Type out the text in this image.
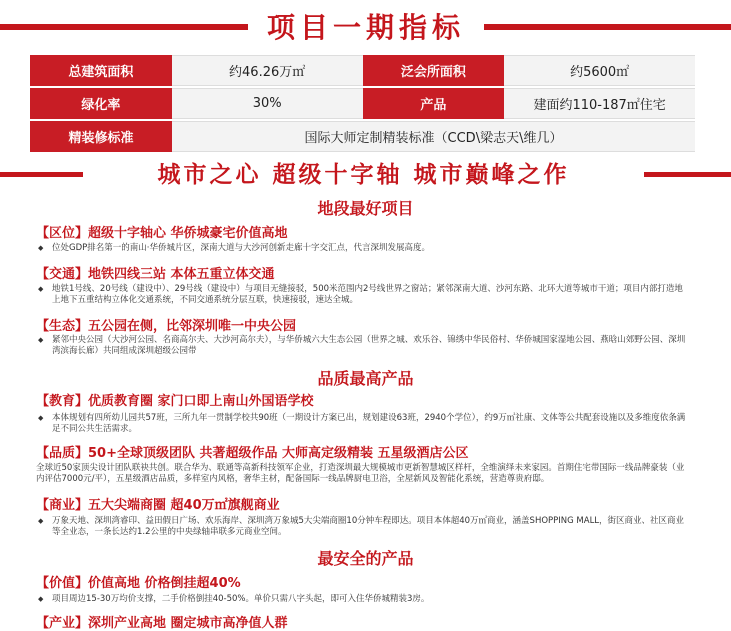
项目一期指标
总建筑面积	约46.26万㎡	泛会所面积	约5600㎡
绿化率	30%	产品	建面约110-187㎡住宅
精装修标准	国际大师定制精装标准（CCD\梁志天\维几）
城市之心 超级十字轴 城市巅峰之作
地段最好项目
【区位】超级十字轴心 华侨城豪宅价值高地
◆	位处GDP排名第一的南山·华侨城片区，深南大道与大沙河创新走廊十字交汇点，代言深圳发展高度。
【交通】地铁四线三站 本体五重立体交通
◆	地铁1号线、20号线（建设中）、29号线（建设中）与项目无缝接驳，500米范围内2号线世界之窗站；紧邻深南大道、沙河东路、北环大道等城市干道；项目内部打造地上地下五重结构立体化交通系统，不同交通系统分层互联，快速接驳，速达全城。
【生态】五公园在侧，比邻深圳唯一中央公园
◆	紧邻中央公园（大沙河公园、名商高尔夫、大沙河高尔夫），与华侨城六大生态公园（世界之城、欢乐谷、锦绣中华民俗村、华侨城国家湿地公园、燕晗山郊野公园、深圳湾滨海长廊）共同组成深圳超级公园带
品质最高产品
【教育】优质教育圈 家门口即上南山外国语学校
◆	本体规划有四所幼儿园共57班，三所九年一贯制学校共90班（一期设计方案已出，规划建设63班，2940个学位），约9万㎡社康、文体等公共配套设施以及多维度依条满足不同公共生活需求。
【品质】50+全球顶级团队 共著超级作品 大师高定级精装 五星级酒店公区
全球近50家顶尖设计团队联袂共创。联合华为、联通等高新科技领军企业，打造深圳最大规模城市更新智慧城区样杆，全维演绎未来家园。首期住宅带国际一线品牌豪装（业内评估7000元/平），五星级酒店品质，多样室内风格，奢华主材，配备国际一线品牌厨电卫浴，全屋新风及智能化系统，营造尊贵府邸。
【商业】五大尖端商圈 超40万㎡旗舰商业
◆	万象天地、深圳湾睿印、益田假日广场、欢乐海岸、深圳湾万象城5大尖端商圈10分钟车程即达。项目本体超40万㎡商业，涵盖SHOPPING MALL，街区商业、社区商业等全业态，一条长达约1.2公里的中央绿轴串联多元商业空间。
最安全的产品
【价值】价值高地 价格倒挂超40%
◆	项目周边15-30万均价支撑，二手价格倒挂40-50%。单价只需八字头起，即可入住华侨城精装3房。
【产业】深圳产业高地 圈定城市高净值人群
